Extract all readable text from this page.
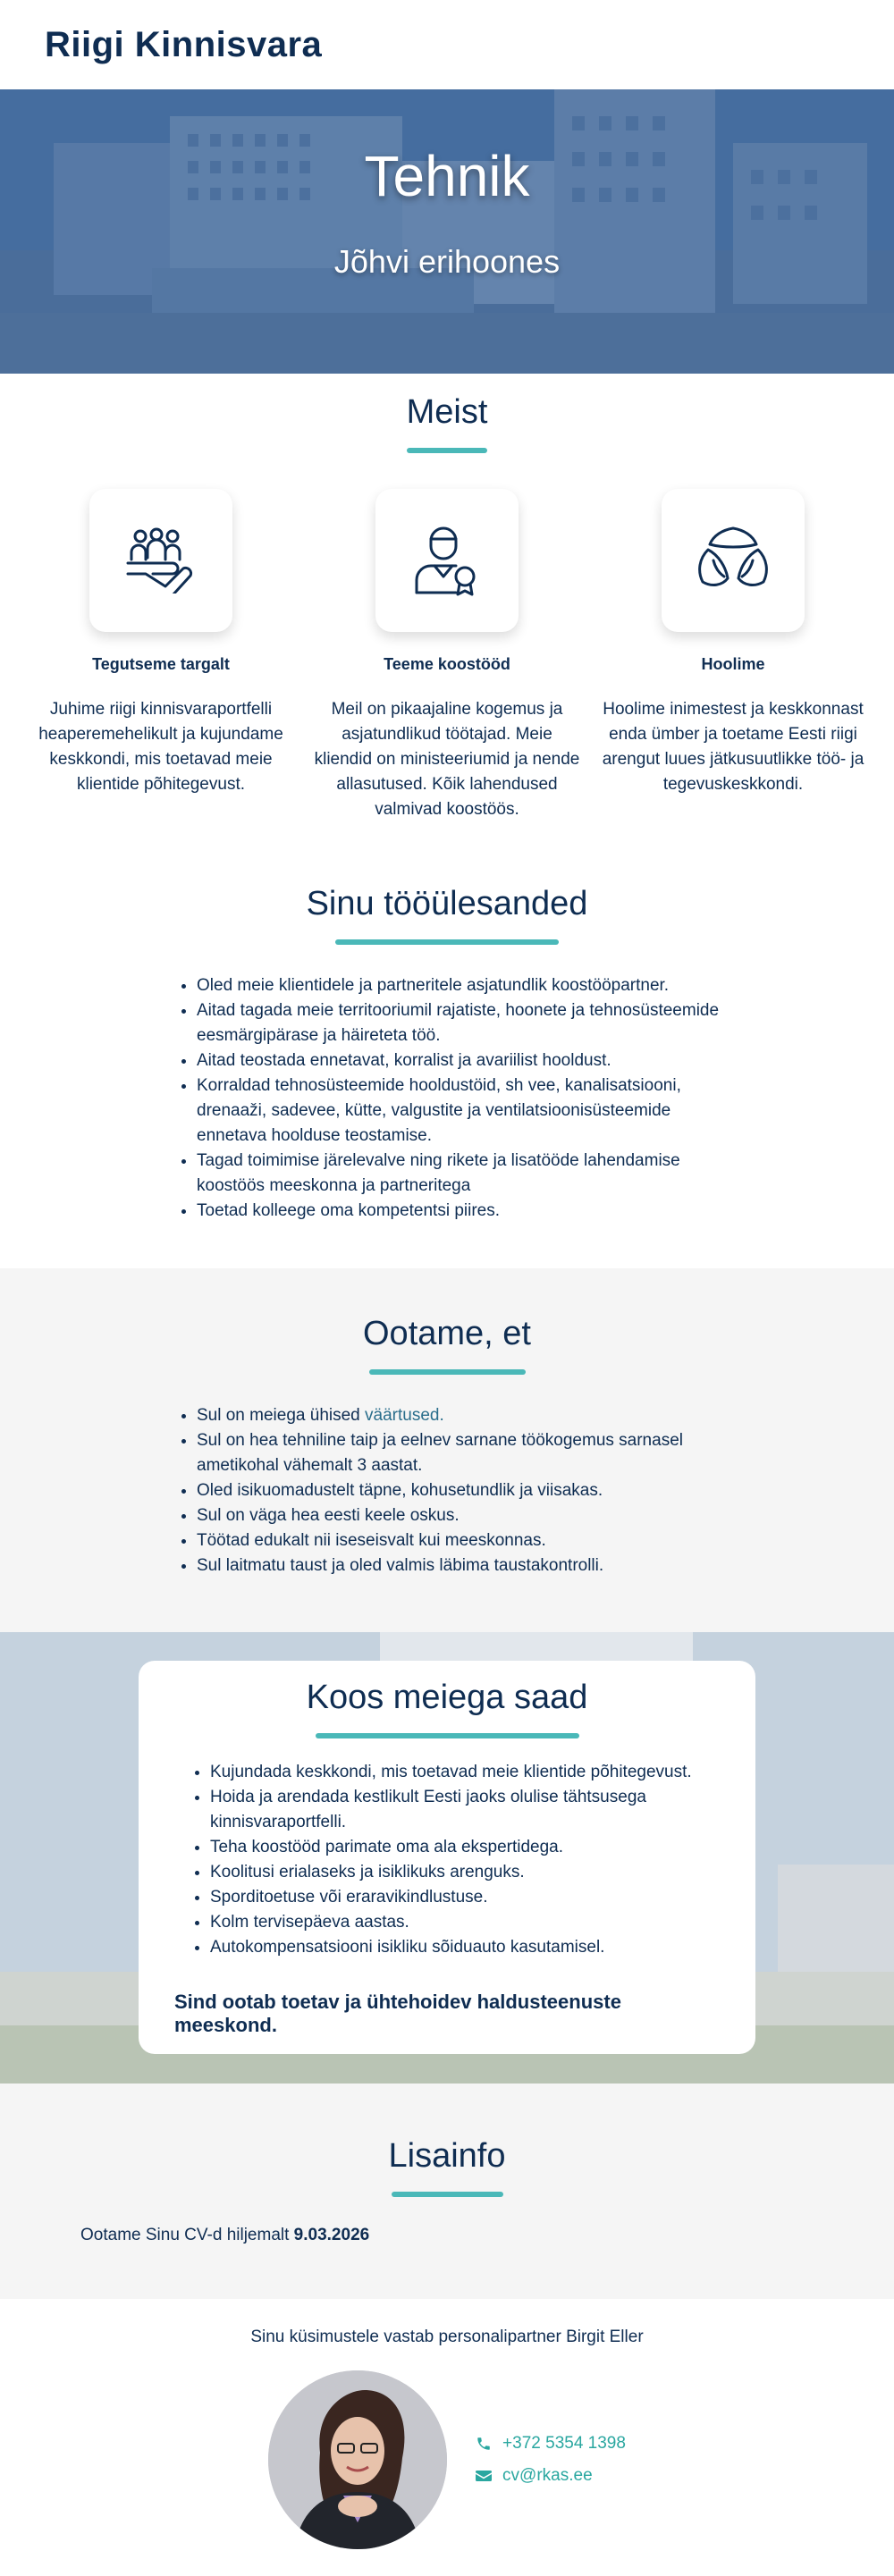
Riigi Kinnisvara
Tehnik
Jõhvi erihoones
Meist
Tegutseme targalt

Juhime riigi kinnisvaraportfelli heaperemehelikult ja kujundame keskkondi, mis toetavad meie klientide põhitegevust.

Teeme koostööd

Meil on pikaajaline kogemus ja asjatundlikud töötajad. Meie kliendid on ministeeriumid ja nende allasutused. Kõik lahendused valmivad koostöös.

Hoolime

Hoolime inimestest ja keskkonnast enda ümber ja toetame Eesti riigi arengut luues jätkusuutlikke töö- ja tegevuskeskkondi.

Sinu tööülesanded
• Oled meie klientidele ja partneritele asjatundlik koostööpartner.
• Aitad tagada meie territooriumil rajatiste, hoonete ja tehnosüsteemide eesmärgipärase ja häireteta töö.
• Aitad teostada ennetavat, korralist ja avariilist hooldust.
• Korraldad tehnosüsteemide hooldustöid, sh vee, kanalisatsiooni, drenaaži, sadevee, kütte, valgustite ja ventilatsioonisüsteemide ennetava hoolduse teostamise.
• Tagad toimimise järelevalve ning rikete ja lisatööde lahendamise koostöös meeskonna ja partneritega
• Toetad kolleege oma kompetentsi piires.
Ootame, et
• Sul on meiega ühised väärtused.
• Sul on hea tehniline taip ja eelnev sarnane töökogemus sarnasel ametikohal vähemalt 3 aastat.
• Oled isikuomadustelt täpne, kohusetundlik ja viisakas.
• Sul on väga hea eesti keele oskus.
• Töötad edukalt nii iseseisvalt kui meeskonnas.
• Sul laitmatu taust ja oled valmis läbima taustakontrolli.
Koos meiega saad
• Kujundada keskkondi, mis toetavad meie klientide põhitegevust.
• Hoida ja arendada kestlikult Eesti jaoks olulise tähtsusega kinnisvaraportfelli.
• Teha koostööd parimate oma ala ekspertidega.
• Koolitusi erialaseks ja isiklikuks arenguks.
• Sporditoetuse või eraravikindlustuse.
• Kolm tervisepäeva aastas.
• Autokompensatsiooni isikliku sõiduauto kasutamisel.
Sind ootab toetav ja ühtehoidev haldusteenuste meeskond.
Lisainfo

Ootame Sinu CV-d hiljemalt 9.03.2026

Sinu küsimustele vastab personalipartner Birgit Eller

+372 5354 1398
cv@rkas.ee
